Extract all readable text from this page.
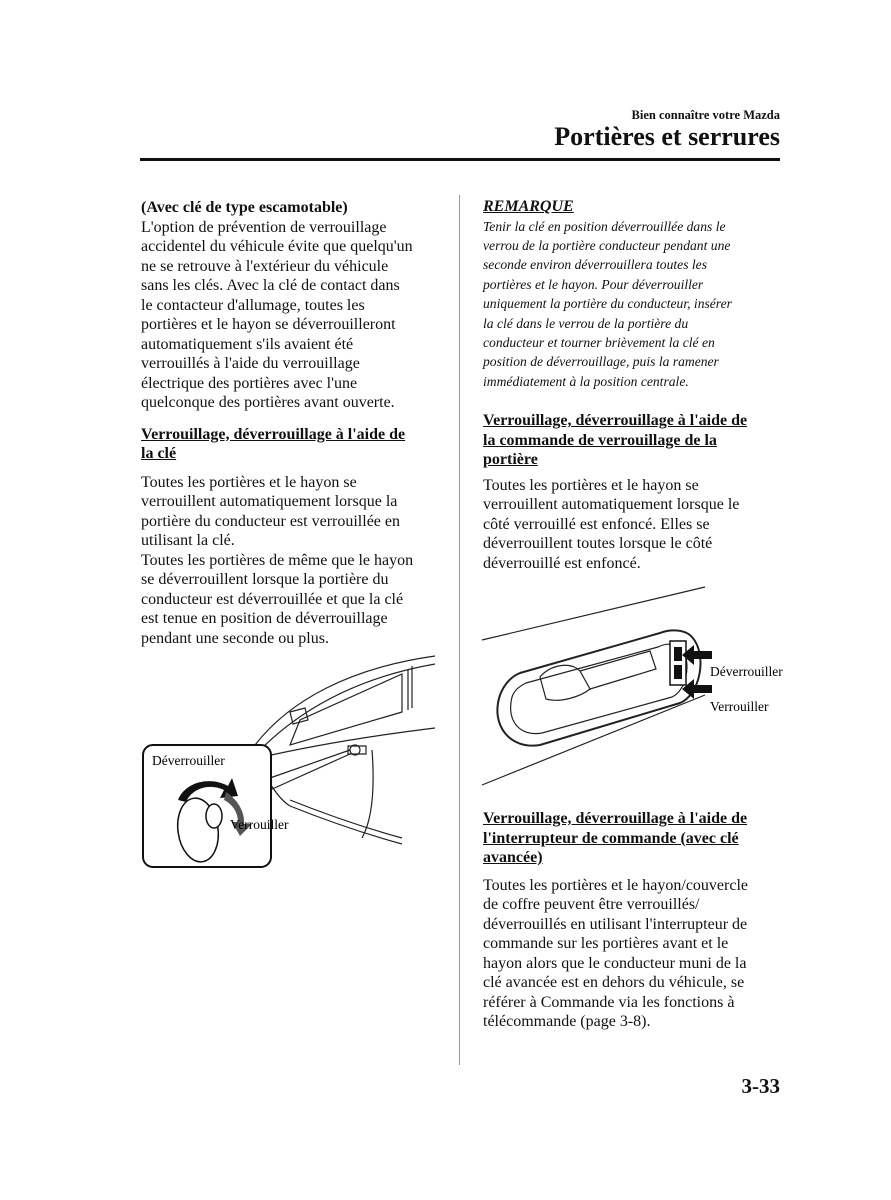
Bien connaître votre Mazda
Portières et serrures

(Avec clé de type escamotable)

L'option de prévention de verrouillage

accidentel du véhicule évite que quelqu'un

ne se retrouve à l'extérieur du véhicule

sans les clés. Avec la clé de contact dans

le contacteur d'allumage, toutes les

portières et le hayon se déverrouilleront

automatiquement s'ils avaient été

verrouillés à l'aide du verrouillage

électrique des portières avec l'une

quelconque des portières avant ouverte.

Verrouillage, déverrouillage à l'aide de

la clé

Toutes les portières et le hayon se

verrouillent automatiquement lorsque la

portière du conducteur est verrouillée en

utilisant la clé.

Toutes les portières de même que le hayon

se déverrouillent lorsque la portière du

conducteur est déverrouillée et que la clé

est tenue en position de déverrouillage

pendant une seconde ou plus.

Déverrouiller
Verrouiller

REMARQUE

Tenir la clé en position déverrouillée dans le

verrou de la portière conducteur pendant une

seconde environ déverrouillera toutes les

portières et le hayon. Pour déverrouiller

uniquement la portière du conducteur, insérer

la clé dans le verrou de la portière du

conducteur et tourner brièvement la clé en

position de déverrouillage, puis la ramener

immédiatement à la position centrale.

Verrouillage, déverrouillage à l'aide de

la commande de verrouillage de la

portière

Toutes les portières et le hayon se

verrouillent automatiquement lorsque le

côté verrouillé est enfoncé. Elles se

déverrouillent toutes lorsque le côté

déverrouillé est enfoncé.

Déverrouiller
Verrouiller

Verrouillage, déverrouillage à l'aide de

l'interrupteur de commande (avec clé

avancée)

Toutes les portières et le hayon/couvercle

de coffre peuvent être verrouillés/

déverrouillés en utilisant l'interrupteur de

commande sur les portières avant et le

hayon alors que le conducteur muni de la

clé avancée est en dehors du véhicule, se

référer à Commande via les fonctions à

télécommande (page 3-8).

3-33
